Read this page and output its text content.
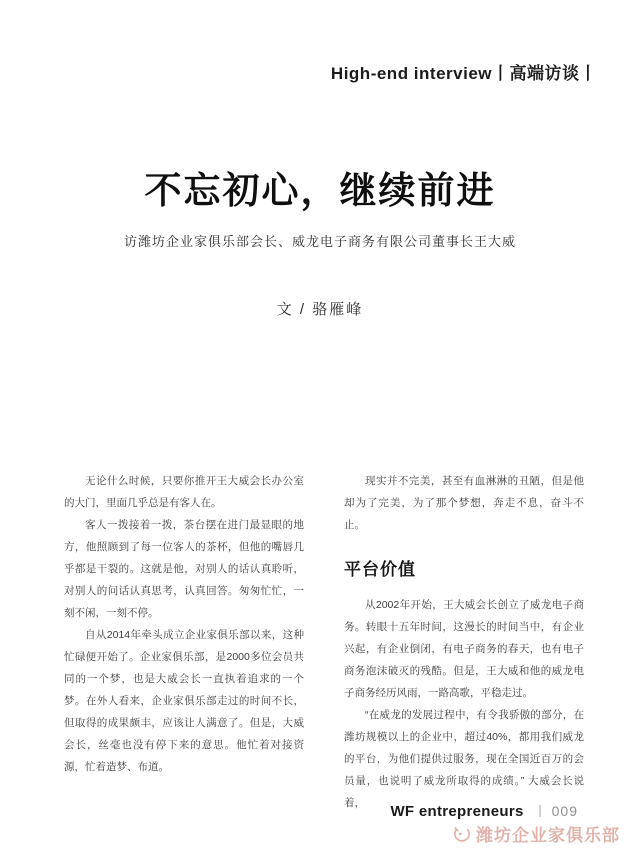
High-end interview丨高端访谈丨
不忘初心，继续前进
访潍坊企业家俱乐部会长、威龙电子商务有限公司董事长王大威
文 / 骆雁峰

无论什么时候，只要你推开王大威会长办公室的大门，里面几乎总是有客人在。

客人一拨接着一拨，茶台摆在进门最显眼的地方，他照顾到了每一位客人的茶杯，但他的嘴唇几乎都是干裂的。这就是他，对别人的话认真聆听，对别人的问话认真思考，认真回答。匆匆忙忙，一刻不闲，一刻不停。

自从2014年牵头成立企业家俱乐部以来，这种忙碌便开始了。企业家俱乐部，是2000多位会员共同的一个梦，也是大威会长一直执着追求的一个梦。在外人看来，企业家俱乐部走过的时间不长，但取得的成果颇丰，应该让人满意了。但是，大威会长，丝毫也没有停下来的意思。他忙着对接资源，忙着造梦、布道。

现实并不完美，甚至有血淋淋的丑陋，但是他却为了完美，为了那个梦想，奔走不息，奋斗不止。

平台价值

从2002年开始，王大威会长创立了威龙电子商务。转眼十五年时间，这漫长的时间当中，有企业兴起，有企业倒闭，有电子商务的春天，也有电子商务泡沫破灭的残酷。但是，王大威和他的威龙电子商务经历风雨，一路高歌，平稳走过。

“在威龙的发展过程中，有令我骄傲的部分，在潍坊规模以上的企业中，超过40%，都用我们威龙的平台，为他们提供过服务，现在全国近百万的会员量，也说明了威龙所取得的成绩。” 大威会长说着，	WF entrepreneurs 丨 009
潍坊企业家俱乐部
